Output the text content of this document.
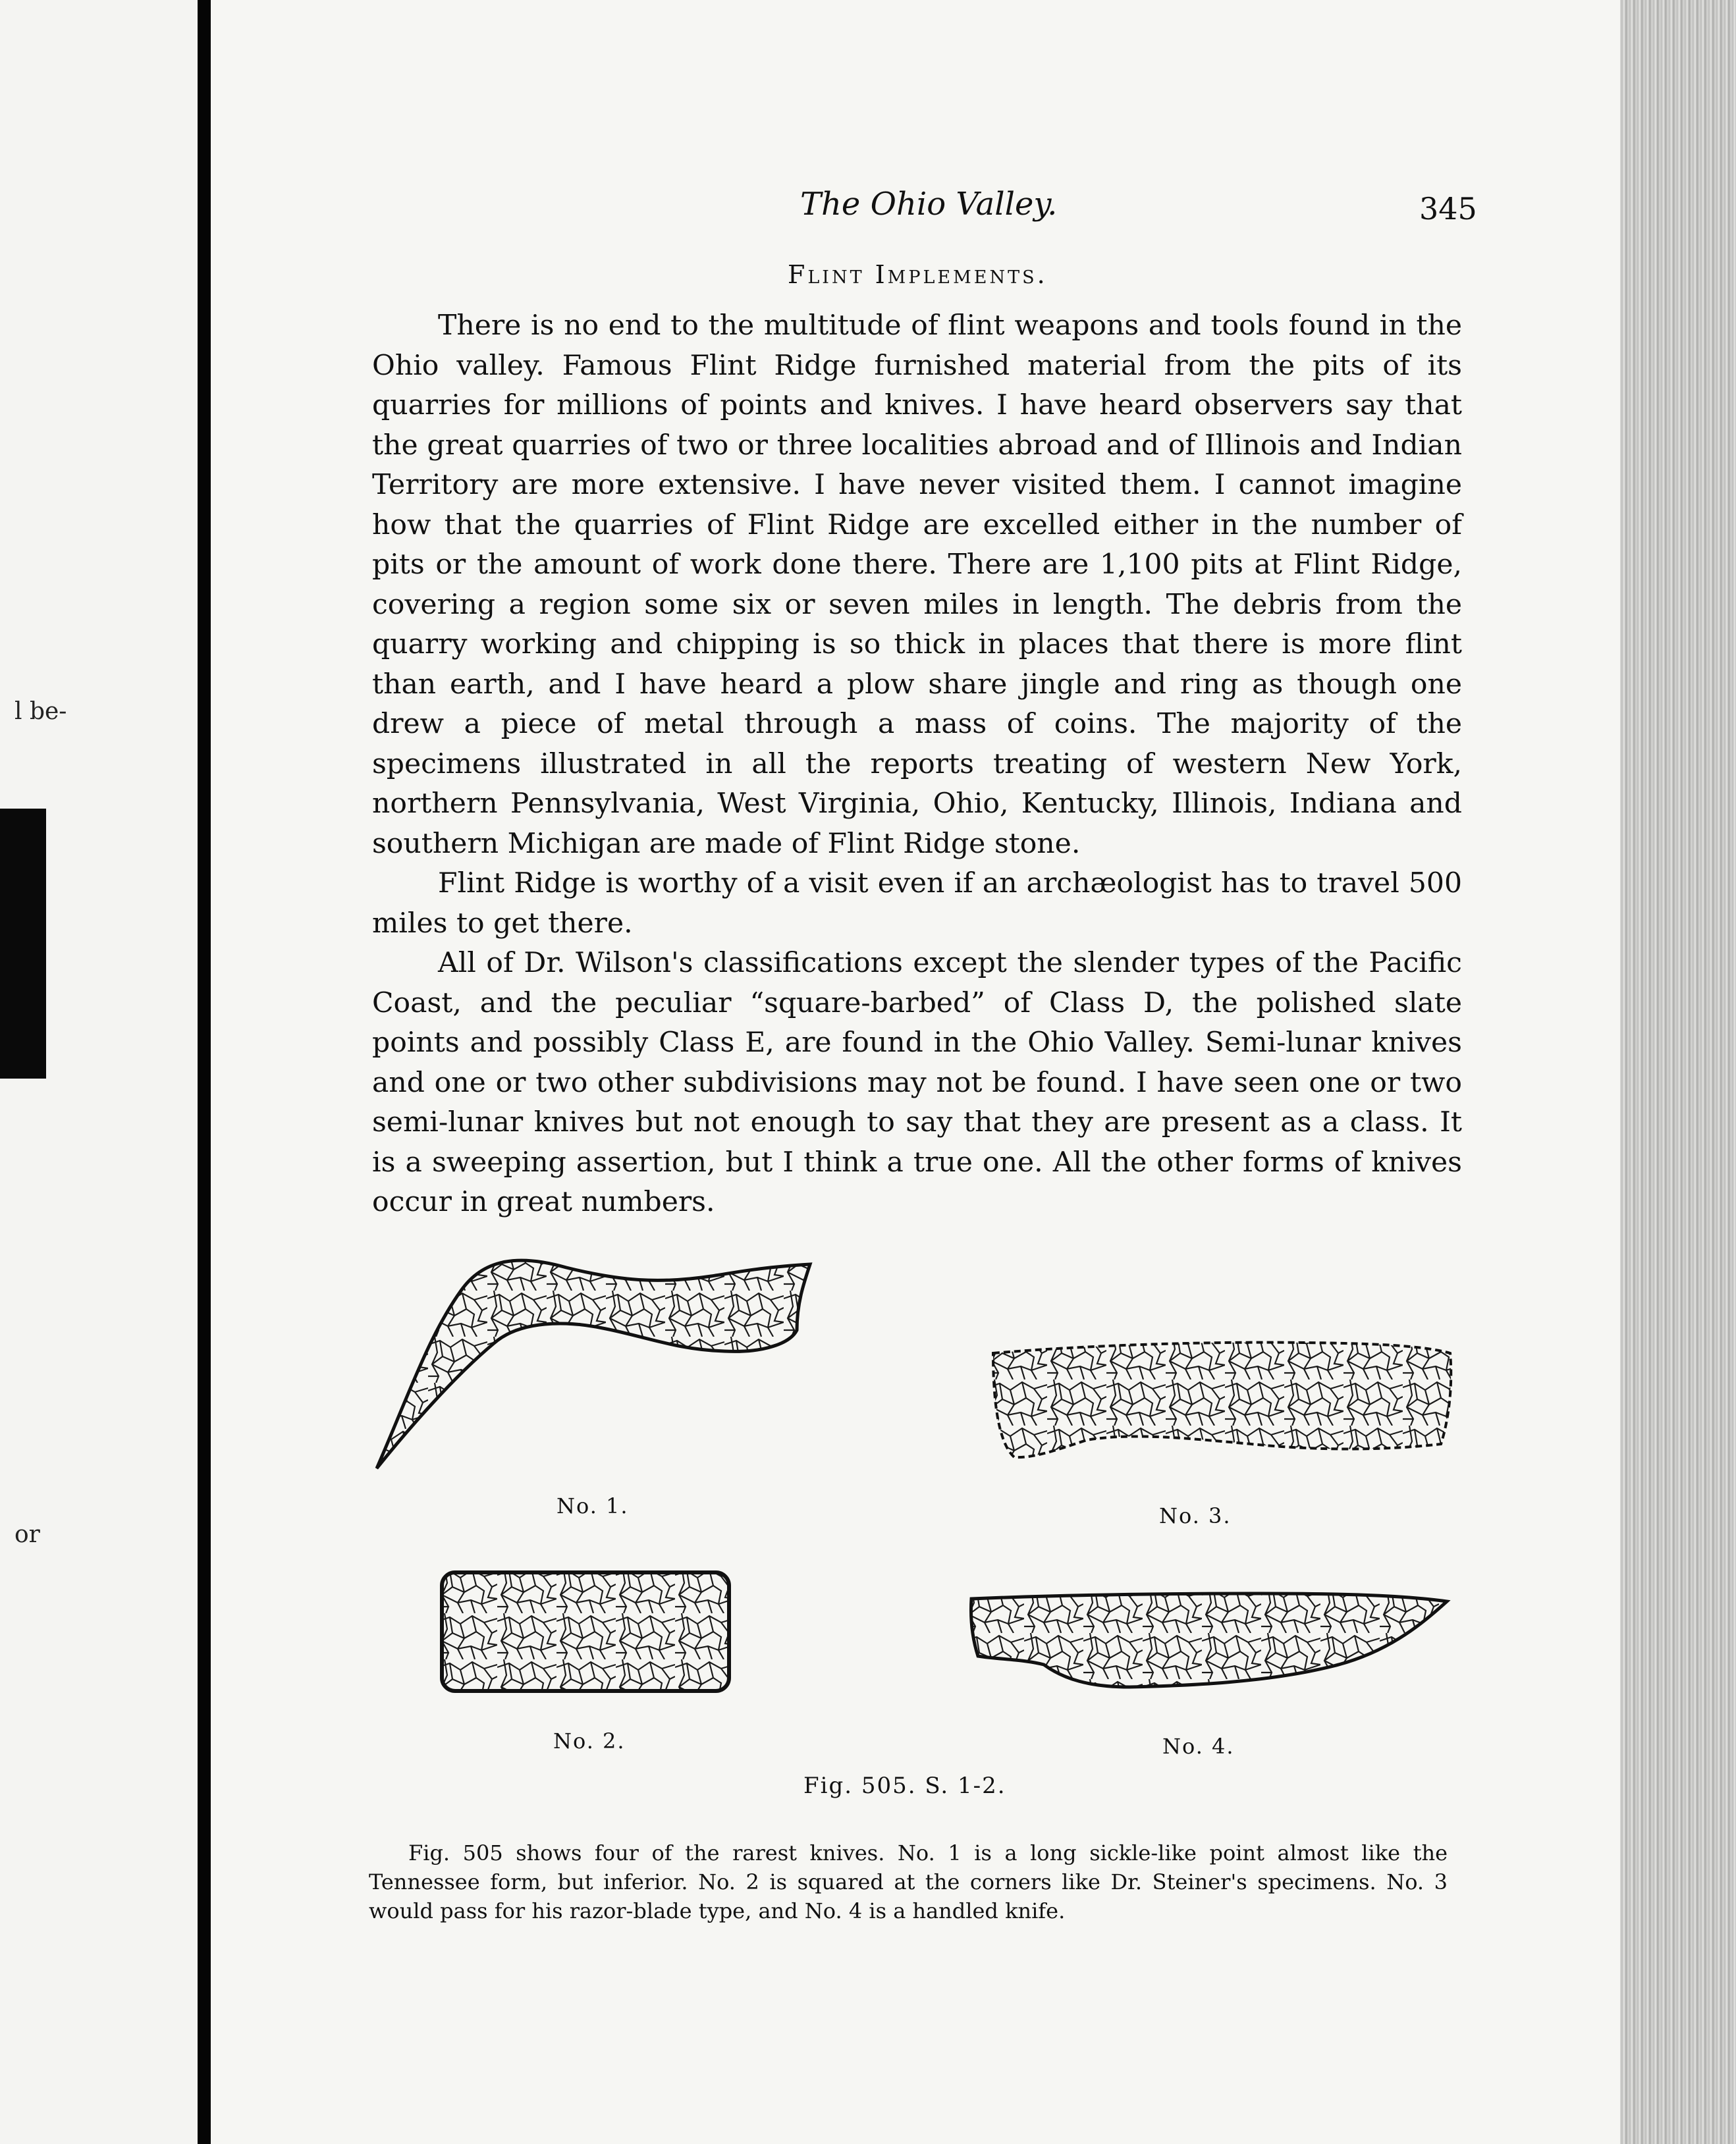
l be-
or
The Ohio Valley.	345
Flint Implements.

There is no end to the multitude of flint weapons and tools found in the Ohio valley. Famous Flint Ridge furnished material from the pits of its quarries for millions of points and knives. I have heard observers say that the great quarries of two or three localities abroad and of Illinois and Indian Territory are more extensive. I have never visited them. I cannot imagine how that the quarries of Flint Ridge are excelled either in the number of pits or the amount of work done there. There are 1,100 pits at Flint Ridge, covering a region some six or seven miles in length. The debris from the quarry working and chipping is so thick in places that there is more flint than earth, and I have heard a plow share jingle and ring as though one drew a piece of metal through a mass of coins. The majority of the specimens illustrated in all the reports treating of western New York, northern Pennsylvania, West Virginia, Ohio, Kentucky, Illinois, Indiana and southern Michigan are made of Flint Ridge stone.

Flint Ridge is worthy of a visit even if an archæologist has to travel 500 miles to get there.

All of Dr. Wilson's classifications except the slender types of the Pacific Coast, and the peculiar “square-barbed” of Class D, the polished slate points and possibly Class E, are found in the Ohio Valley. Semi-lunar knives and one or two other subdivisions may not be found. I have seen one or two semi-lunar knives but not enough to say that they are present as a class. It is a sweeping assertion, but I think a true one. All the other forms of knives occur in great numbers.

No. 1.	No. 3.
No. 2.	No. 4.
Fig. 505. S. 1-2.

Fig. 505 shows four of the rarest knives. No. 1 is a long sickle-like point almost like the Tennessee form, but inferior. No. 2 is squared at the corners like Dr. Steiner's specimens. No. 3 would pass for his razor-blade type, and No. 4 is a handled knife.
